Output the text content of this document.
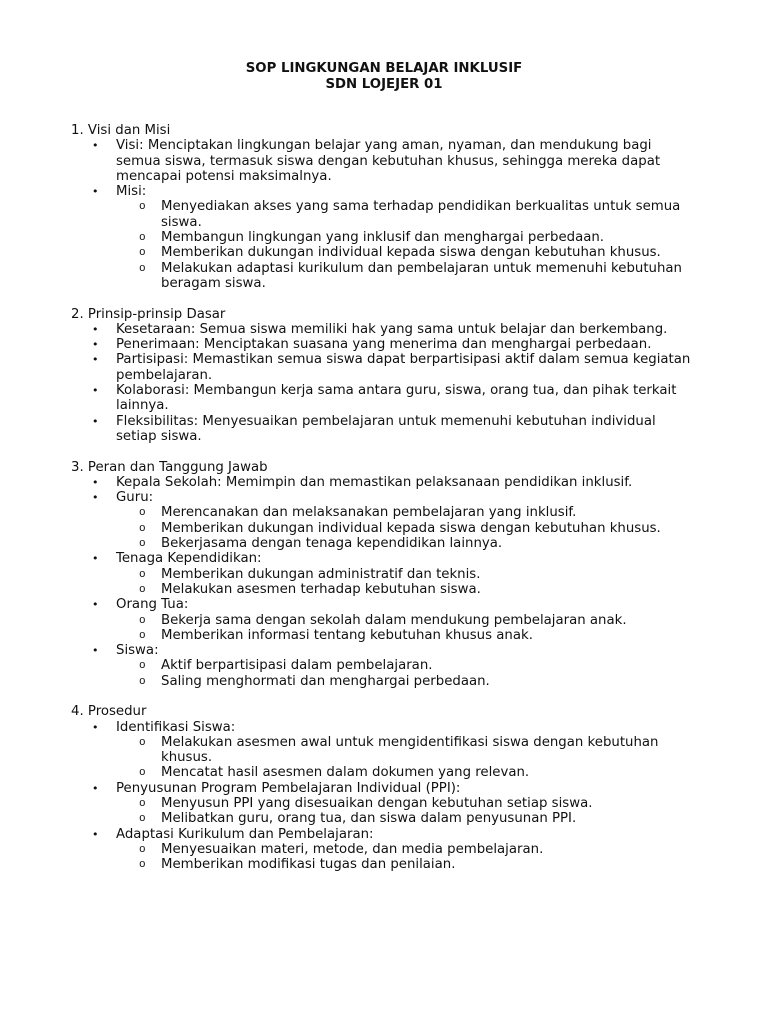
SOP LINGKUNGAN BELAJAR INKLUSIF
SDN LOJEJER 01
1. Visi dan Misi
• Visi: Menciptakan lingkungan belajar yang aman, nyaman, dan mendukung bagi semua siswa, termasuk siswa dengan kebutuhan khusus, sehingga mereka dapat mencapai potensi maksimalnya.
• Misi:
o Menyediakan akses yang sama terhadap pendidikan berkualitas untuk semua siswa.
o Membangun lingkungan yang inklusif dan menghargai perbedaan.
o Memberikan dukungan individual kepada siswa dengan kebutuhan khusus.
o Melakukan adaptasi kurikulum dan pembelajaran untuk memenuhi kebutuhan beragam siswa.
2. Prinsip-prinsip Dasar
• Kesetaraan: Semua siswa memiliki hak yang sama untuk belajar dan berkembang.
• Penerimaan: Menciptakan suasana yang menerima dan menghargai perbedaan.
• Partisipasi: Memastikan semua siswa dapat berpartisipasi aktif dalam semua kegiatan pembelajaran.
• Kolaborasi: Membangun kerja sama antara guru, siswa, orang tua, dan pihak terkait lainnya.
• Fleksibilitas: Menyesuaikan pembelajaran untuk memenuhi kebutuhan individual setiap siswa.
3. Peran dan Tanggung Jawab
• Kepala Sekolah: Memimpin dan memastikan pelaksanaan pendidikan inklusif.
• Guru:
o Merencanakan dan melaksanakan pembelajaran yang inklusif.
o Memberikan dukungan individual kepada siswa dengan kebutuhan khusus.
o Bekerjasama dengan tenaga kependidikan lainnya.
• Tenaga Kependidikan:
o Memberikan dukungan administratif dan teknis.
o Melakukan asesmen terhadap kebutuhan siswa.
• Orang Tua:
o Bekerja sama dengan sekolah dalam mendukung pembelajaran anak.
o Memberikan informasi tentang kebutuhan khusus anak.
• Siswa:
o Aktif berpartisipasi dalam pembelajaran.
o Saling menghormati dan menghargai perbedaan.
4. Prosedur
• Identifikasi Siswa:
o Melakukan asesmen awal untuk mengidentifikasi siswa dengan kebutuhan khusus.
o Mencatat hasil asesmen dalam dokumen yang relevan.
• Penyusunan Program Pembelajaran Individual (PPI):
o Menyusun PPI yang disesuaikan dengan kebutuhan setiap siswa.
o Melibatkan guru, orang tua, dan siswa dalam penyusunan PPI.
• Adaptasi Kurikulum dan Pembelajaran:
o Menyesuaikan materi, metode, dan media pembelajaran.
o Memberikan modifikasi tugas dan penilaian.
